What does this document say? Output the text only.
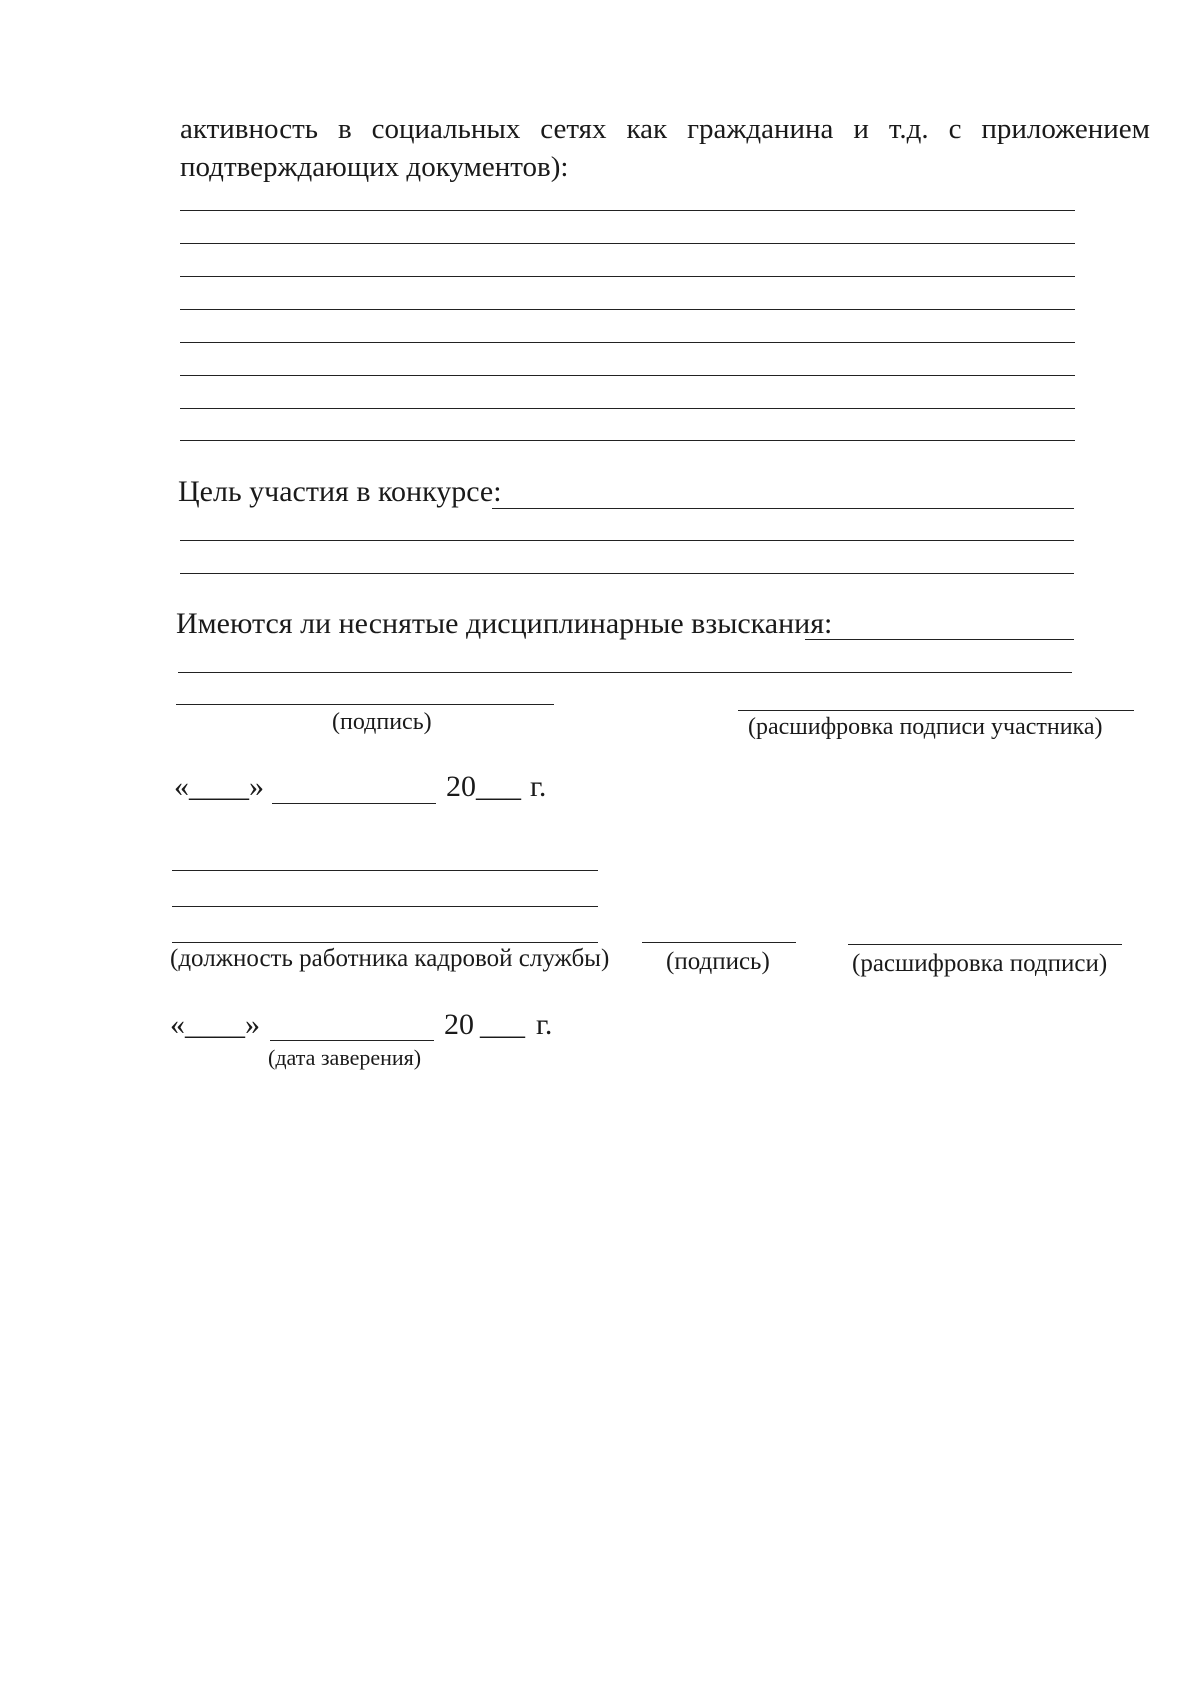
активность в социальных сетях как гражданина и т.д. с приложением
подтверждающих документов):
Цель участия в конкурсе:
Имеются ли неснятые дисциплинарные взыскания:
(подпись)	(расшифровка подписи участника)
«____»	20___ г.
(должность работника кадровой службы) (подпись)	(расшифровка подписи)
«____»	20 ___ г.
(дата заверения)
